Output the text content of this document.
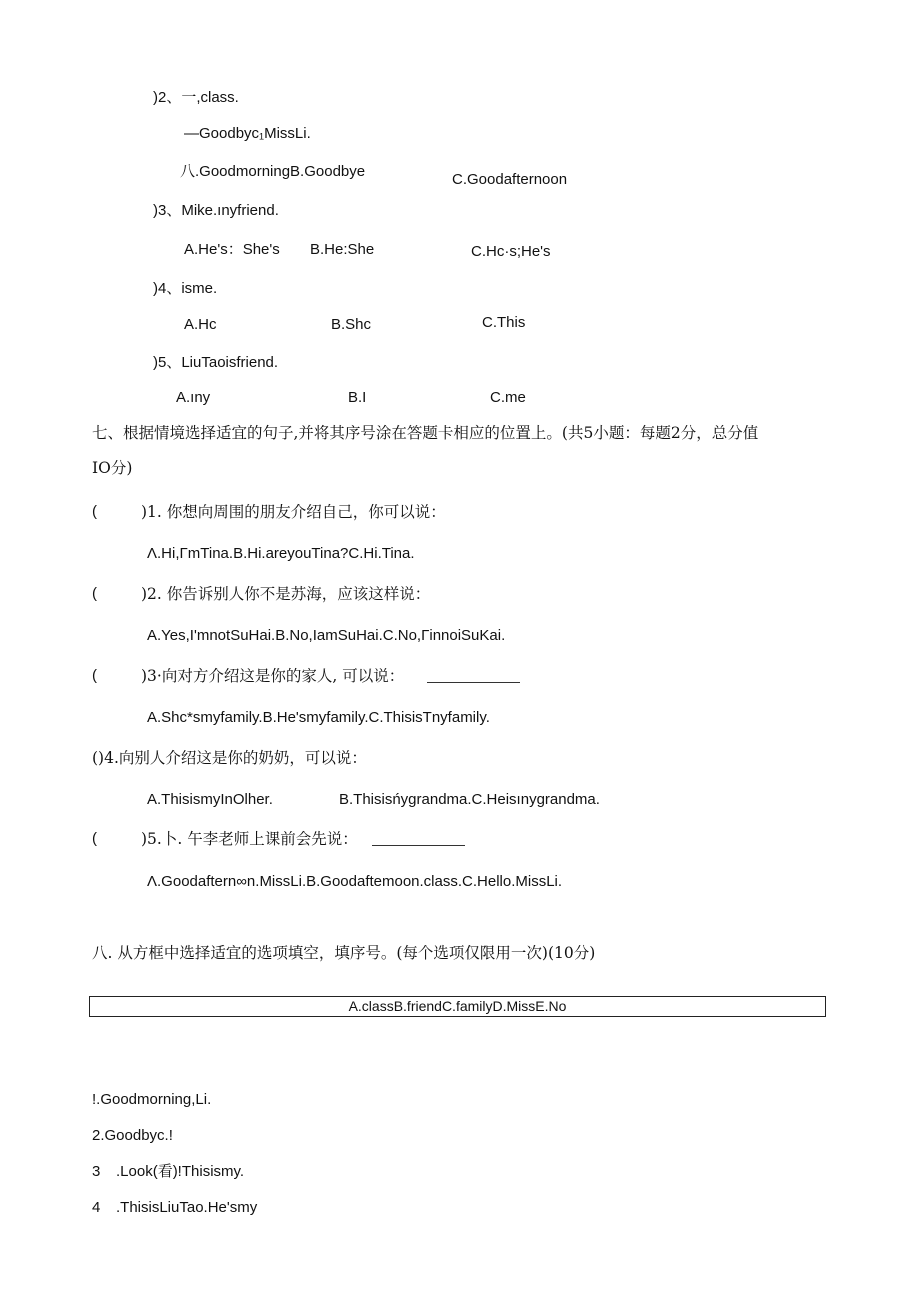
)2、一,class.
—Goodbyc₁MissLi.
八.GoodmorningB.Goodbye	C.Goodafternoon
)3、Mike.ınyfriend.
A.He's：She's B.He:She	C.Hc·s;He's
)4、isme.
A.Hc	B.Shc	C.This
)5、LiuTaoisfriend.
A.ıny	B.I	C.me
七、根据情境选择适宜的句子,并将其序号涂在答题卡相应的位置上。(共5小题：每题2分，总分值
IO分)
(	)1. 你想向周围的朋友介绍自己，你可以说：
Λ.Hi,ΓmTina.B.Hi.areyouTina?C.Hi.Tina.
(	)2. 你告诉别人你不是苏海，应该这样说：
A.Yes,I'mnotSuHai.B.No,IamSuHai.C.No,ΓinnoiSuKai.
(	)3·向对方介绍这是你的家人, 可以说：
A.Shc*smyfamily.B.He'smyfamily.C.ThisisTnyfamily.
()4.向别人介绍这是你的奶奶，可以说：
A.ThisismyInOlher.	B.Thisisńygrandma.C.Heisınygrandma.
(	)5.卜. 午李老师上课前会先说：
Λ.Goodaftern∞n.MissLi.B.Goodaftemoon.class.C.Hello.MissLi.
八. 从方框中选择适宜的选项填空，填序号。(每个选项仅限用一次)(10分)
A.classB.friendC.familyD.MissE.No
!.Goodmorning,Li.
2.Goodbyc.!
3 .Look(看)!Thisismy.
4 .ThisisLiuTao.He'smy
